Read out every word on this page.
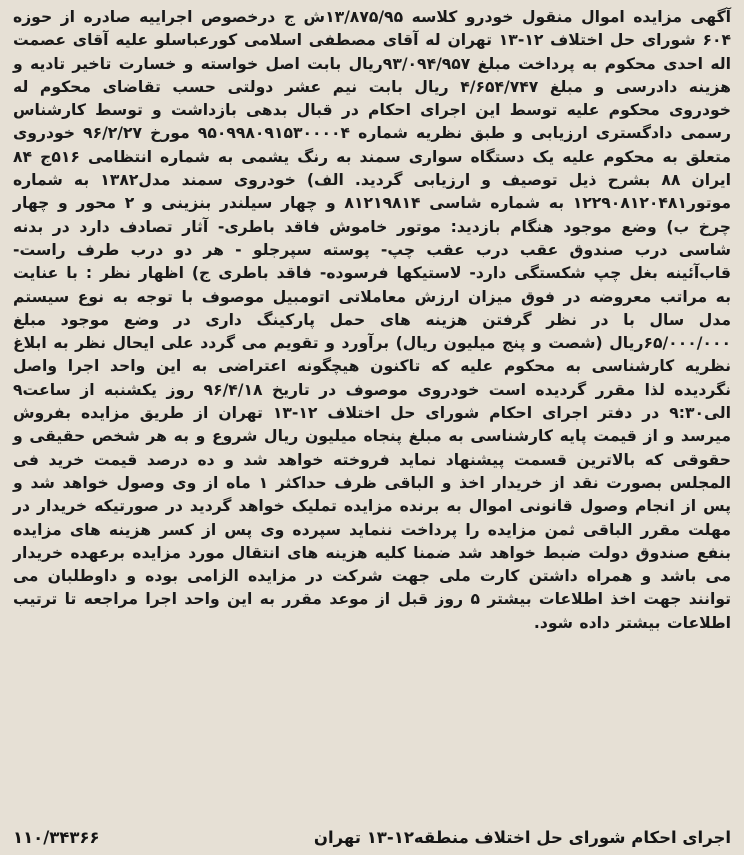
آگهی مزایده اموال منقول خودرو کلاسه ۱۳/۸۷۵/۹۵ش ج درخصوص اجراییه صادره از حوزه ۶۰۴ شورای حل اختلاف ۱۲-۱۳ تهران له آقای مصطفی اسلامی کورعباسلو علیه آقای عصمت اله احدی محکوم به پرداخت مبلغ ۹۳/۰۹۴/۹۵۷ریال بابت اصل خواسته و خسارت تاخیر تادیه و هزینه دادرسی و مبلغ ۴/۶۵۴/۷۴۷ ریال بابت نیم عشر دولتی حسب تقاضای محکوم له خودروی محکوم علیه توسط این اجرای احکام در قبال بدهی بازداشت و توسط کارشناس رسمی دادگستری ارزیابی و طبق نظریه شماره ۹۵۰۹۹۸۰۹۱۵۳۰۰۰۰۴ مورخ ۹۶/۲/۲۷ خودروی متعلق به محکوم علیه یک دستگاه سواری سمند به رنگ یشمی به شماره انتظامی ۵۱۶ج ۸۴ ایران ۸۸ بشرح ذیل توصیف و ارزیابی گردید. الف) خودروی سمند مدل۱۳۸۲ به شماره موتور۱۲۲۹۰۸۱۲۰۴۸۱ به شماره شاسی ۸۱۲۱۹۸۱۴ و چهار سیلندر بنزینی و ۲ محور و چهار چرخ ب) وضع موجود هنگام بازدید: موتور خاموش فاقد باطری- آثار تصادف دارد در بدنه شاسی درب صندوق عقب درب عقب چپ- پوسته سپرجلو - هر دو درب طرف راست- قاب‌آئینه بغل چپ شکستگی دارد- لاستیکها فرسوده- فاقد باطری ج) اظهار نظر : با عنایت به مراتب معروضه در فوق میزان ارزش معاملاتی اتومبیل موصوف با توجه به نوع سیستم مدل سال با در نظر گرفتن هزینه های حمل پارکینگ داری در وضع موجود مبلغ ۶۵/۰۰۰/۰۰۰ریال (شصت و پنج میلیون ریال) برآورد و تقویم می گردد علی ایحال نظر به ابلاغ نظریه کارشناسی به محکوم علیه که تاکنون هیچگونه اعتراضی به این واحد اجرا واصل نگردیده لذا مقرر گردیده است خودروی موصوف در تاریخ ۹۶/۴/۱۸ روز یکشنبه از ساعت۹ الی۹:۳۰ در دفتر اجرای احکام شورای حل اختلاف ۱۲-۱۳ تهران از طریق مزایده بفروش میرسد و از قیمت پایه کارشناسی به مبلغ پنجاه میلیون ریال شروع و به هر شخص حقیقی و حقوقی که بالاترین قسمت پیشنهاد نماید فروخته خواهد شد و ده درصد قیمت خرید فی المجلس بصورت نقد از خریدار اخذ و الباقی ظرف حداکثر ۱ ماه از وی وصول خواهد شد و پس از انجام وصول قانونی اموال به برنده مزایده تملیک خواهد گردید در صورتیکه خریدار در مهلت مقرر الباقی ثمن مزایده را پرداخت ننماید سپرده وی پس از کسر هزینه های مزایده بنفع صندوق دولت ضبط خواهد شد ضمنا کلیه هزینه های انتقال مورد مزایده برعهده خریدار می باشد و همراه داشتن کارت ملی جهت شرکت در مزایده الزامی بوده و داوطلبان می توانند جهت اخذ اطلاعات بیشتر ۵ روز قبل از موعد مقرر به این واحد اجرا مراجعه تا ترتیب اطلاعات بیشتر داده شود.
اجرای احکام شورای حل اختلاف منطقه۱۲-۱۳ تهران
۱۱۰/۳۴۳۶۶
